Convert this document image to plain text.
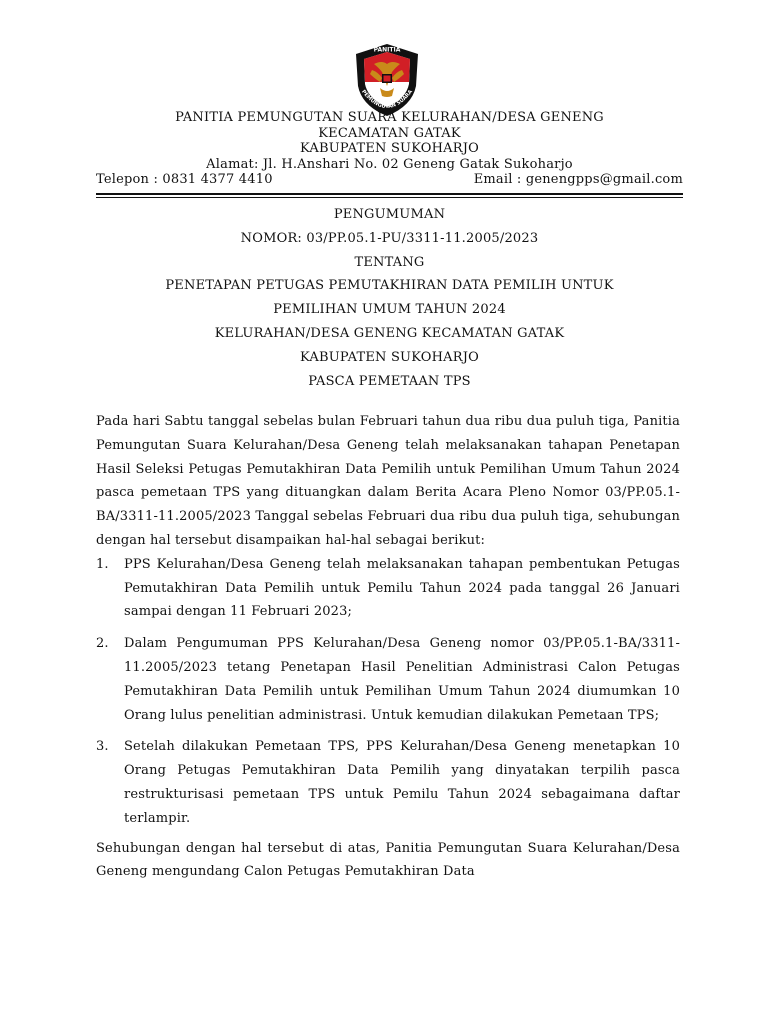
PANITIA
PEMUNGUTAN SUARA
PANITIA PEMUNGUTAN SUARA KELURAHAN/DESA GENENG
KECAMATAN GATAK
KABUPATEN SUKOHARJO
Alamat: Jl. H.Anshari No. 02 Geneng Gatak Sukoharjo
Telepon : 0831 4377 4410	Email : genengpps@gmail.com
PENGUMUMAN
NOMOR: 03/PP.05.1-PU/3311-11.2005/2023
TENTANG
PENETAPAN PETUGAS PEMUTAKHIRAN DATA PEMILIH UNTUK
PEMILIHAN UMUM TAHUN 2024
KELURAHAN/DESA GENENG KECAMATAN GATAK
KABUPATEN SUKOHARJO
PASCA PEMETAAN TPS

Pada hari Sabtu tanggal sebelas bulan Februari tahun dua ribu dua puluh tiga, Panitia Pemungutan Suara Kelurahan/Desa Geneng telah melaksanakan tahapan Penetapan Hasil Seleksi Petugas Pemutakhiran Data Pemilih untuk Pemilihan Umum Tahun 2024 pasca pemetaan TPS yang dituangkan dalam Berita Acara Pleno Nomor 03/PP.05.1-BA/3311-11.2005/2023 Tanggal sebelas Februari dua ribu dua puluh tiga, sehubungan dengan hal tersebut disampaikan hal-hal sebagai berikut:

1.	PPS Kelurahan/Desa Geneng telah melaksanakan tahapan pembentukan Petugas Pemutakhiran Data Pemilih untuk Pemilu Tahun 2024 pada tanggal 26 Januari sampai dengan 11 Februari 2023;
2.	Dalam Pengumuman PPS Kelurahan/Desa Geneng nomor 03/PP.05.1-BA/3311-11.2005/2023 tetang Penetapan Hasil Penelitian Administrasi Calon Petugas Pemutakhiran Data Pemilih untuk Pemilihan Umum Tahun 2024 diumumkan 10 Orang lulus penelitian administrasi. Untuk kemudian dilakukan Pemetaan TPS;
3.	Setelah dilakukan Pemetaan TPS, PPS Kelurahan/Desa Geneng menetapkan 10 Orang Petugas Pemutakhiran Data Pemilih yang dinyatakan terpilih pasca restrukturisasi pemetaan TPS untuk Pemilu Tahun 2024 sebagaimana daftar terlampir.

Sehubungan dengan hal tersebut di atas, Panitia Pemungutan Suara Kelurahan/Desa Geneng mengundang Calon Petugas Pemutakhiran Data
